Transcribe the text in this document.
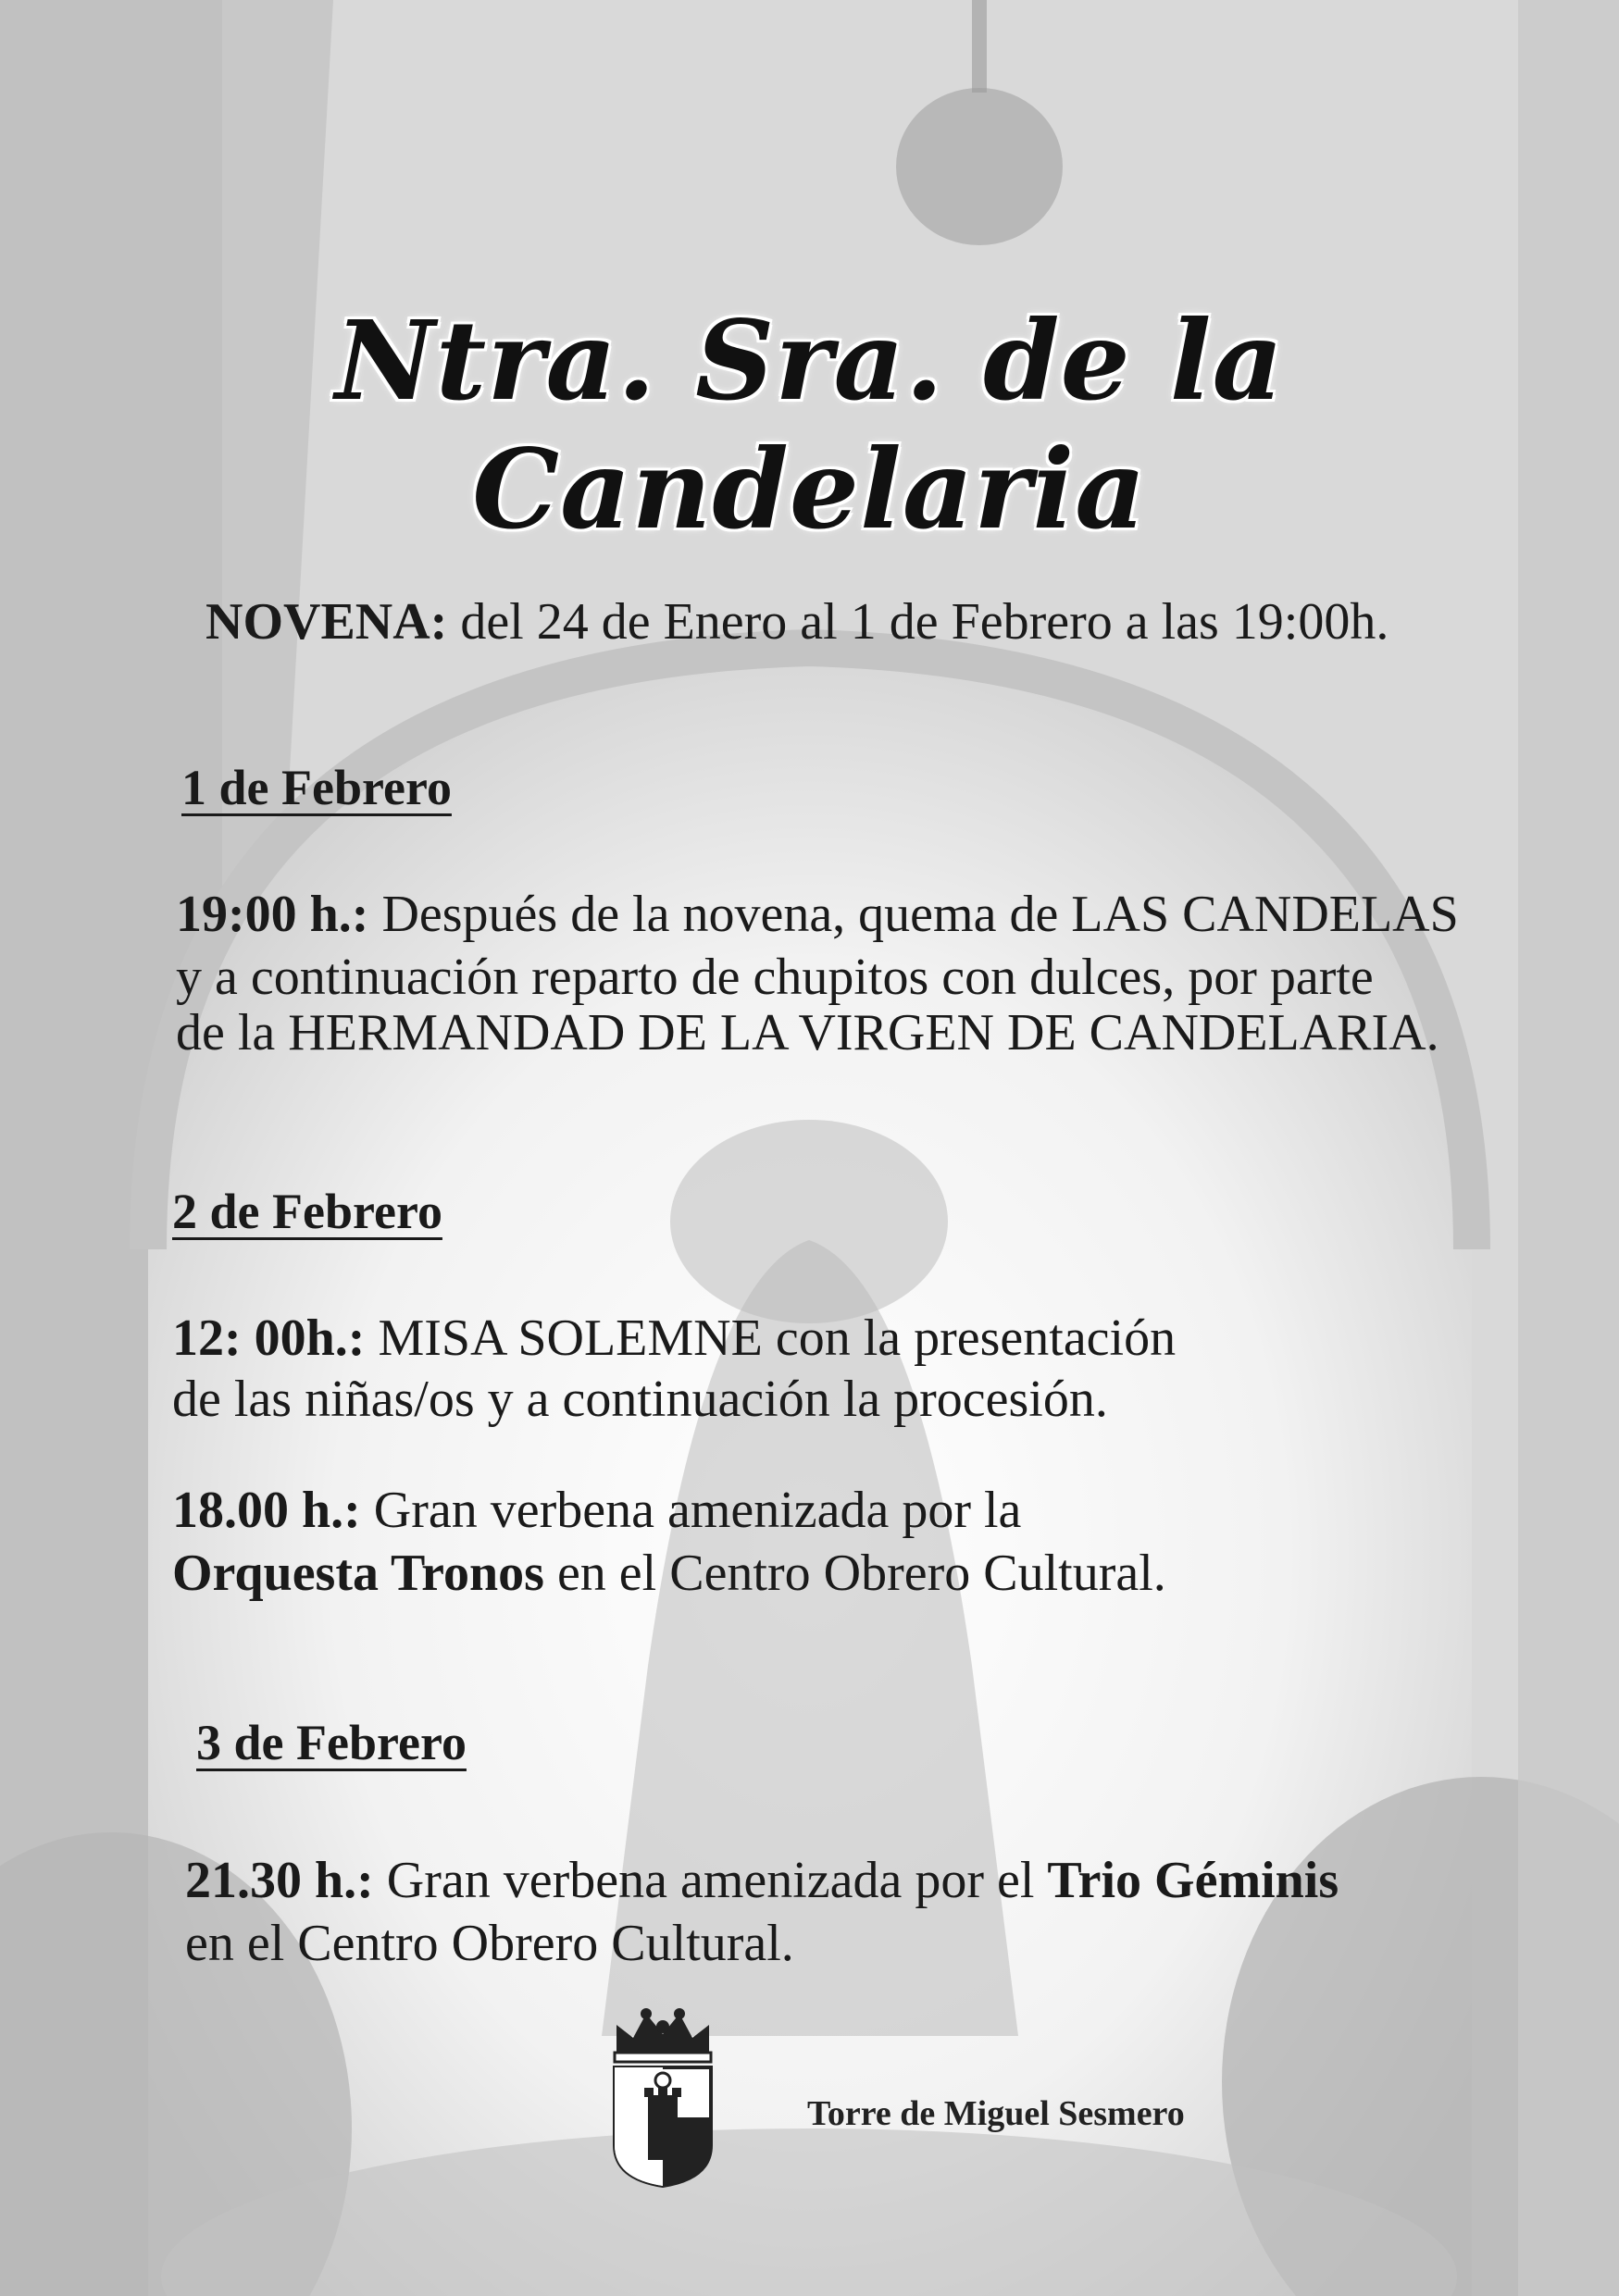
Ntra. Sra. de la Candelaria
NOVENA: del 24 de Enero al 1 de Febrero a las 19:00h.
1 de Febrero
19:00 h.: Después de la novena, quema de LAS CANDELAS
y a continuación reparto de chupitos con dulces, por parte
de la HERMANDAD DE LA VIRGEN DE CANDELARIA.
2 de Febrero
12: 00h.: MISA SOLEMNE con la presentación
de las niñas/os y a continuación la procesión.
18.00 h.: Gran verbena amenizada por la
Orquesta Tronos en el Centro Obrero Cultural.
3 de Febrero
21.30 h.: Gran verbena amenizada por el Trio Géminis
en el Centro Obrero Cultural.
Torre de Miguel Sesmero
